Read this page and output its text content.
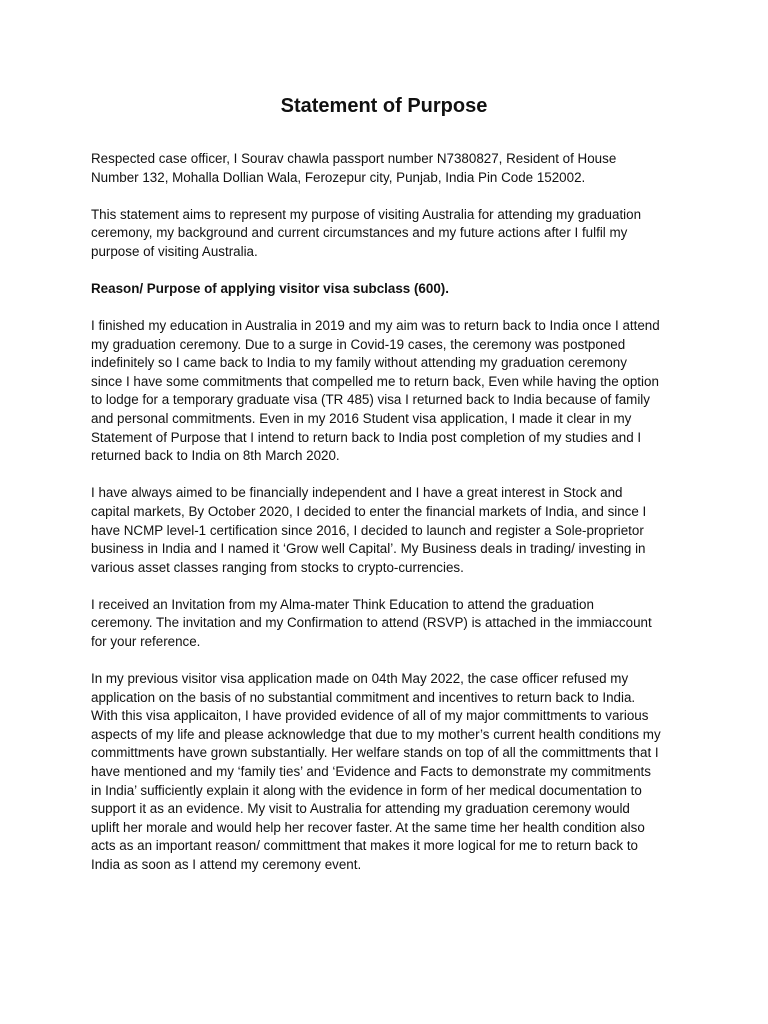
Statement of Purpose

Respected case officer, I Sourav chawla passport number N7380827, Resident of House
Number 132, Mohalla Dollian Wala, Ferozepur city, Punjab, India Pin Code 152002.

This statement aims to represent my purpose of visiting Australia for attending my graduation
ceremony, my background and current circumstances and my future actions after I fulfil my
purpose of visiting Australia.

Reason/ Purpose of applying visitor visa subclass (600).

I finished my education in Australia in 2019 and my aim was to return back to India once I attend
my graduation ceremony. Due to a surge in Covid-19 cases, the ceremony was postponed
indefinitely so I came back to India to my family without attending my graduation ceremony
since I have some commitments that compelled me to return back, Even while having the option
to lodge for a temporary graduate visa (TR 485) visa I returned back to India because of family
and personal commitments. Even in my 2016 Student visa application, I made it clear in my
Statement of Purpose that I intend to return back to India post completion of my studies and I
returned back to India on 8th March 2020.

I have always aimed to be financially independent and I have a great interest in Stock and
capital markets, By October 2020, I decided to enter the financial markets of India, and since I
have NCMP level-1 certification since 2016, I decided to launch and register a Sole-proprietor
business in India and I named it ‘Grow well Capital’. My Business deals in trading/ investing in
various asset classes ranging from stocks to crypto-currencies.

I received an Invitation from my Alma-mater Think Education to attend the graduation
ceremony. The invitation and my Confirmation to attend (RSVP) is attached in the immiaccount
for your reference.

In my previous visitor visa application made on 04th May 2022, the case officer refused my
application on the basis of no substantial commitment and incentives to return back to India.
With this visa applicaiton, I have provided evidence of all of my major committments to various
aspects of my life and please acknowledge that due to my mother’s current health conditions my
committments have grown substantially. Her welfare stands on top of all the committments that I
have mentioned and my ‘family ties’ and ‘Evidence and Facts to demonstrate my commitments
in India’ sufficiently explain it along with the evidence in form of her medical documentation to
support it as an evidence. My visit to Australia for attending my graduation ceremony would
uplift her morale and would help her recover faster. At the same time her health condition also
acts as an important reason/ committment that makes it more logical for me to return back to
India as soon as I attend my ceremony event.
